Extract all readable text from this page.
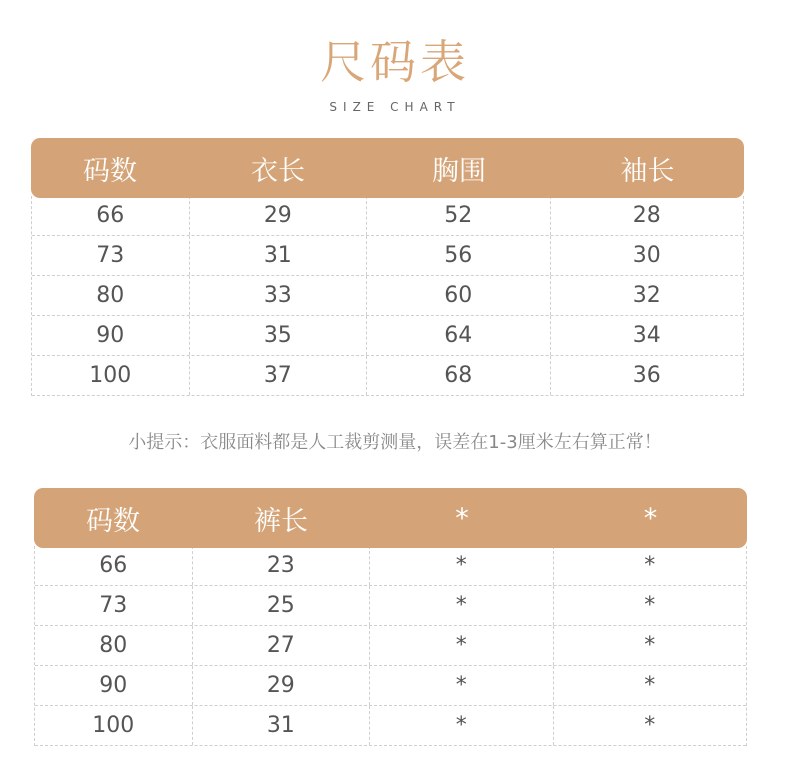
尺码表
SIZE CHART
码数	衣长	胸围	袖长
66	29	52	28
73	31	56	30
80	33	60	32
90	35	64	34
100	37	68	36
小提示：衣服面料都是人工裁剪测量，误差在1-3厘米左右算正常！
码数	裤长	*	*
66	23	*	*
73	25	*	*
80	27	*	*
90	29	*	*
100	31	*	*
